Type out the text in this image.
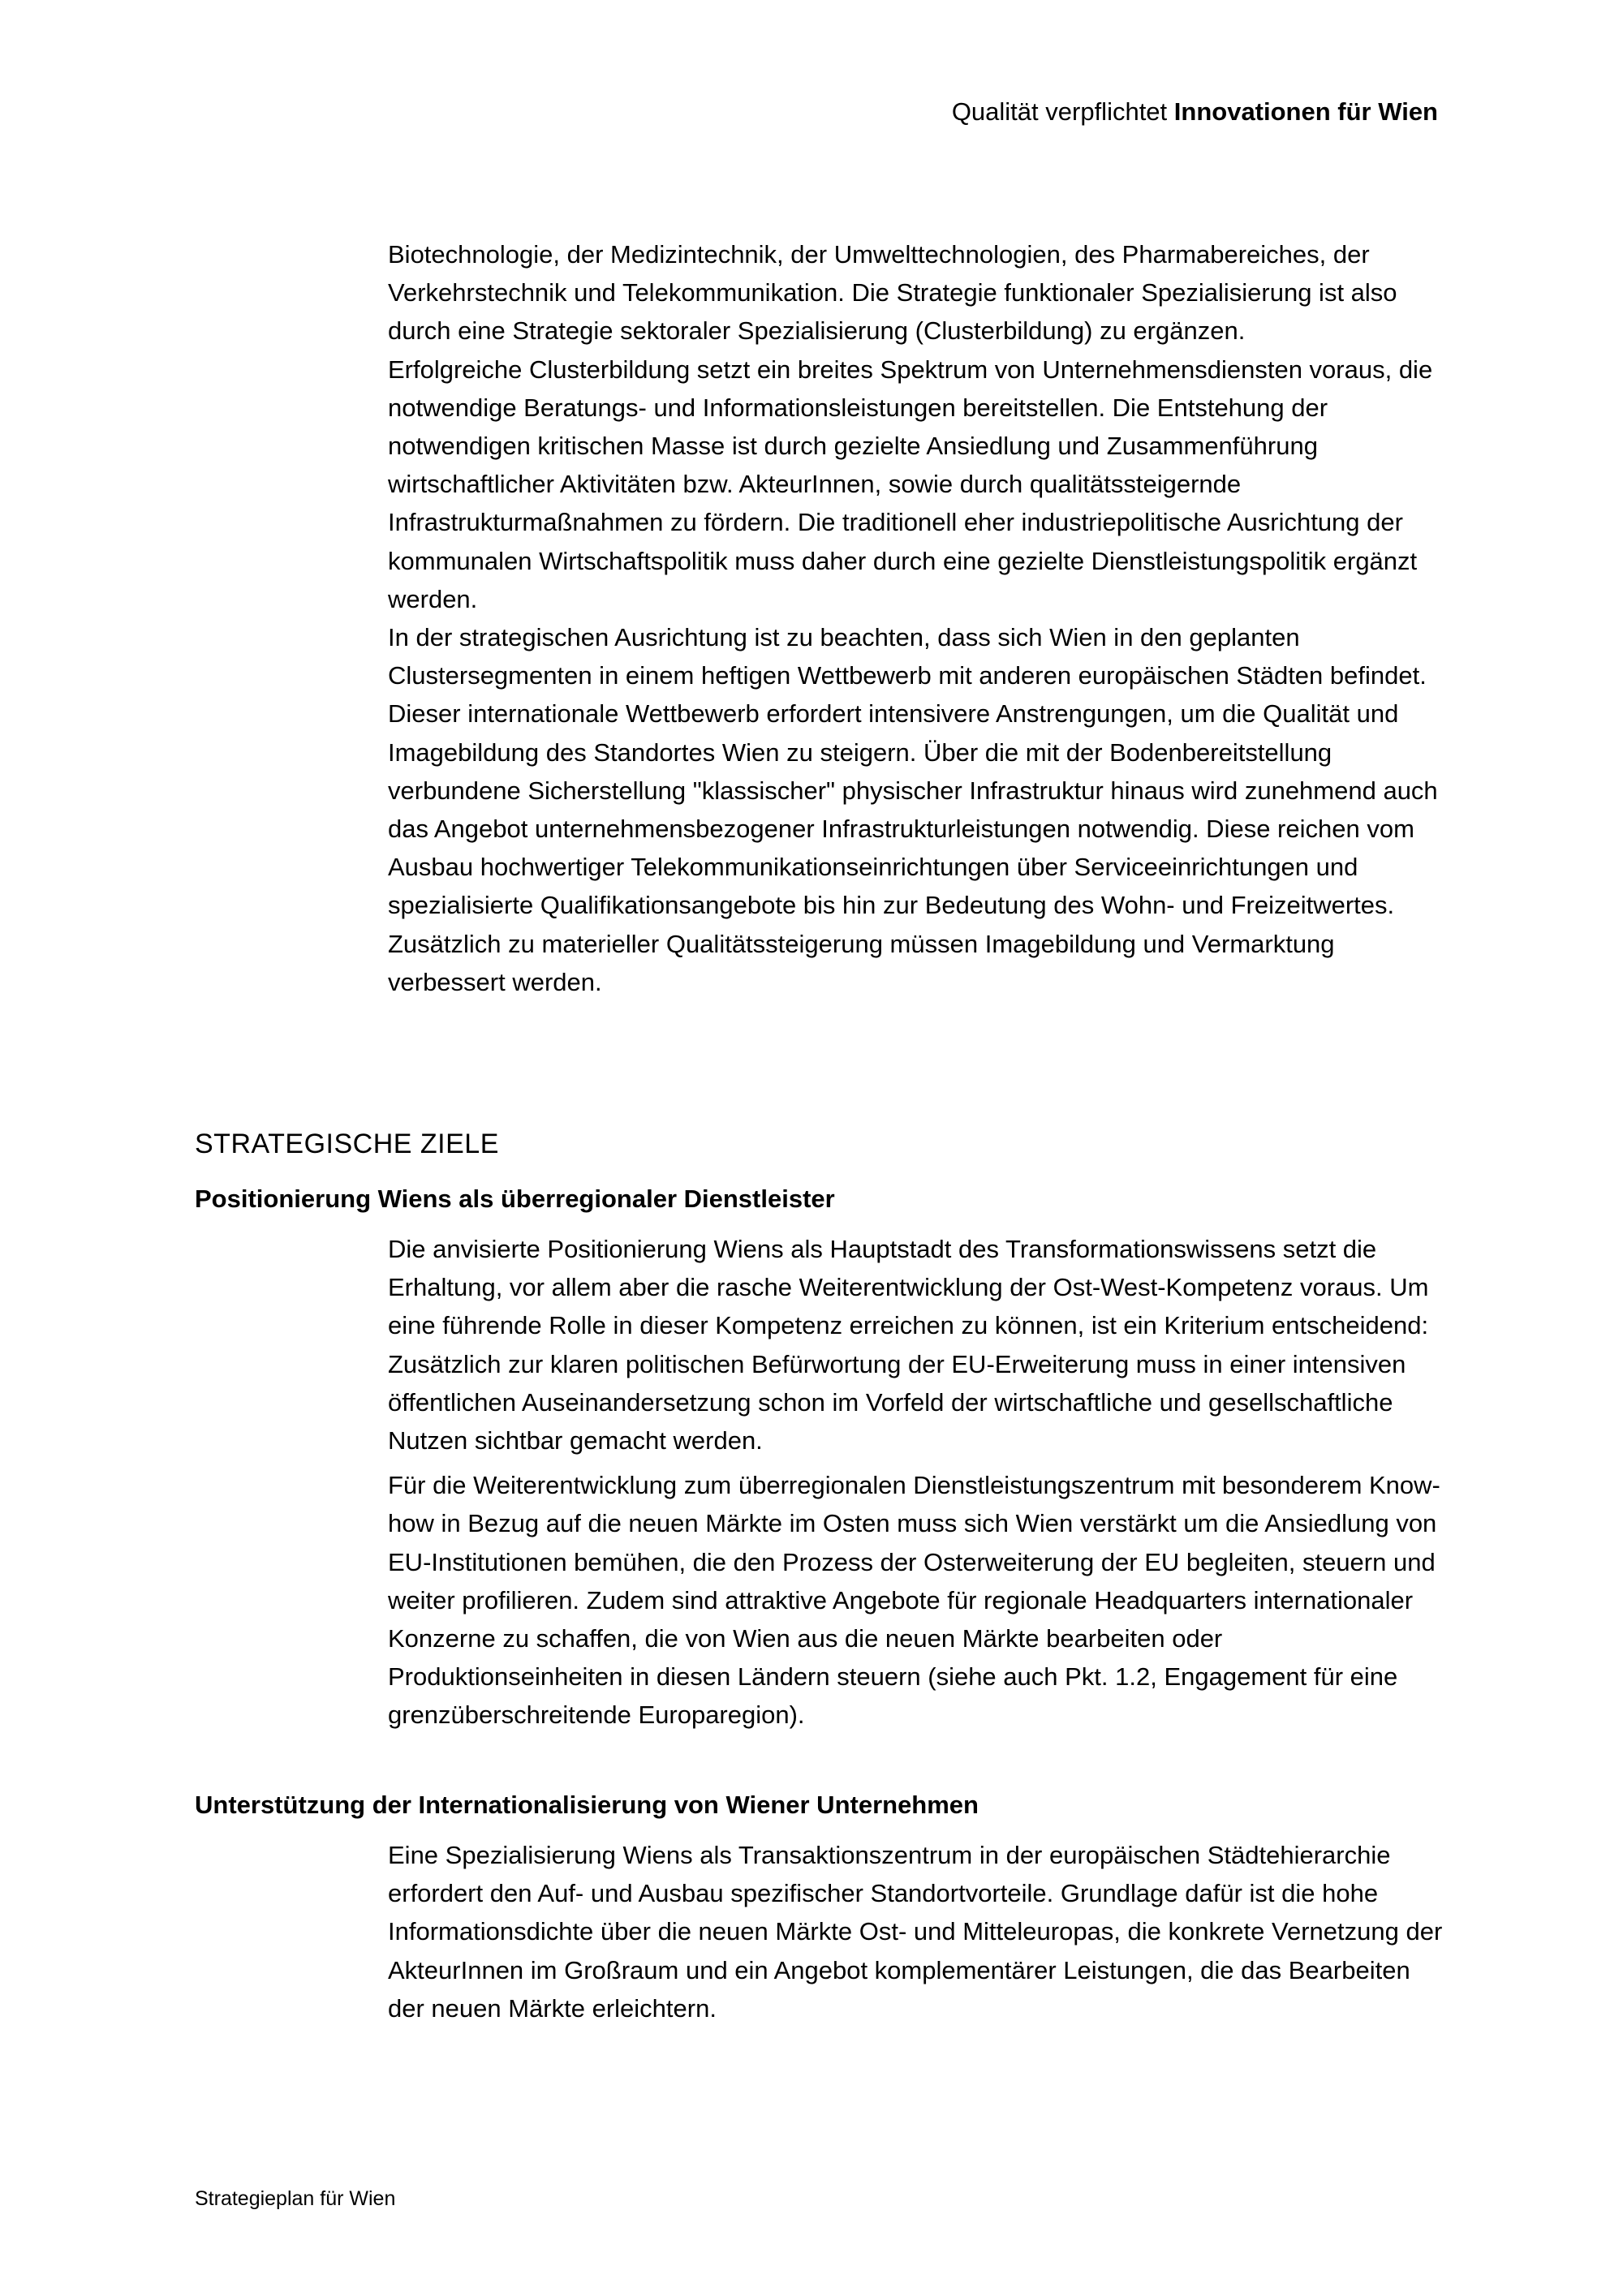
Qualität verpflichtet Innovationen für Wien

Biotechnologie, der Medizintechnik, der Umwelttechnologien, des Pharmabereiches, der Verkehrstechnik und Telekommunikation. Die Strategie funktionaler Spezialisierung ist also durch eine Strategie sektoraler Spezialisierung (Clusterbildung) zu ergänzen.

Erfolgreiche Clusterbildung setzt ein breites Spektrum von Unternehmensdiensten voraus, die notwendige Beratungs- und Informationsleistungen bereitstellen. Die Entstehung der notwendigen kritischen Masse ist durch gezielte Ansiedlung und Zusammenführung wirtschaftlicher Aktivitäten bzw. AkteurInnen, sowie durch qualitätssteigernde Infrastrukturmaßnahmen zu fördern. Die traditionell eher industriepolitische Ausrichtung der kommunalen Wirtschaftspolitik muss daher durch eine gezielte Dienstleistungspolitik ergänzt werden.

In der strategischen Ausrichtung ist zu beachten, dass sich Wien in den geplanten Clustersegmenten in einem heftigen Wettbewerb mit anderen europäischen Städten befindet. Dieser internationale Wettbewerb erfordert intensivere Anstrengungen, um die Qualität und Imagebildung des Standortes Wien zu steigern. Über die mit der Bodenbereitstellung verbundene Sicherstellung "klassischer" physischer Infrastruktur hinaus wird zunehmend auch das Angebot unternehmensbezogener Infrastrukturleistungen notwendig. Diese reichen vom Ausbau hochwertiger Telekommunikationseinrichtungen über Serviceeinrichtungen und spezialisierte Qualifikationsangebote bis hin zur Bedeutung des Wohn- und Freizeitwertes. Zusätzlich zu materieller Qualitätssteigerung müssen Imagebildung und Vermarktung verbessert werden.

STRATEGISCHE ZIELE
Positionierung Wiens als überregionaler Dienstleister

Die anvisierte Positionierung Wiens als Hauptstadt des Transformationswissens setzt die Erhaltung, vor allem aber die rasche Weiterentwicklung der Ost-West-Kompetenz voraus. Um eine führende Rolle in dieser Kompetenz erreichen zu können, ist ein Kriterium entscheidend: Zusätzlich zur klaren politischen Befürwortung der EU-Erweiterung muss in einer intensiven öffentlichen Auseinandersetzung schon im Vorfeld der wirtschaftliche und gesellschaftliche Nutzen sichtbar gemacht werden.

Für die Weiterentwicklung zum überregionalen Dienstleistungszentrum mit besonderem Know-how in Bezug auf die neuen Märkte im Osten muss sich Wien verstärkt um die Ansiedlung von EU-Institutionen bemühen, die den Prozess der Osterweiterung der EU begleiten, steuern und weiter profilieren. Zudem sind attraktive Angebote für regionale Headquarters internationaler Konzerne zu schaffen, die von Wien aus die neuen Märkte bearbeiten oder Produktionseinheiten in diesen Ländern steuern (siehe auch Pkt. 1.2, Engagement für eine grenzüberschreitende Europaregion).

Unterstützung der Internationalisierung von Wiener Unternehmen

Eine Spezialisierung Wiens als Transaktionszentrum in der europäischen Städtehierarchie erfordert den Auf- und Ausbau spezifischer Standortvorteile. Grundlage dafür ist die hohe Informationsdichte über die neuen Märkte Ost- und Mitteleuropas, die konkrete Vernetzung der AkteurInnen im Großraum und ein Angebot komplementärer Leistungen, die das Bearbeiten der neuen Märkte erleichtern.

Strategieplan für Wien
